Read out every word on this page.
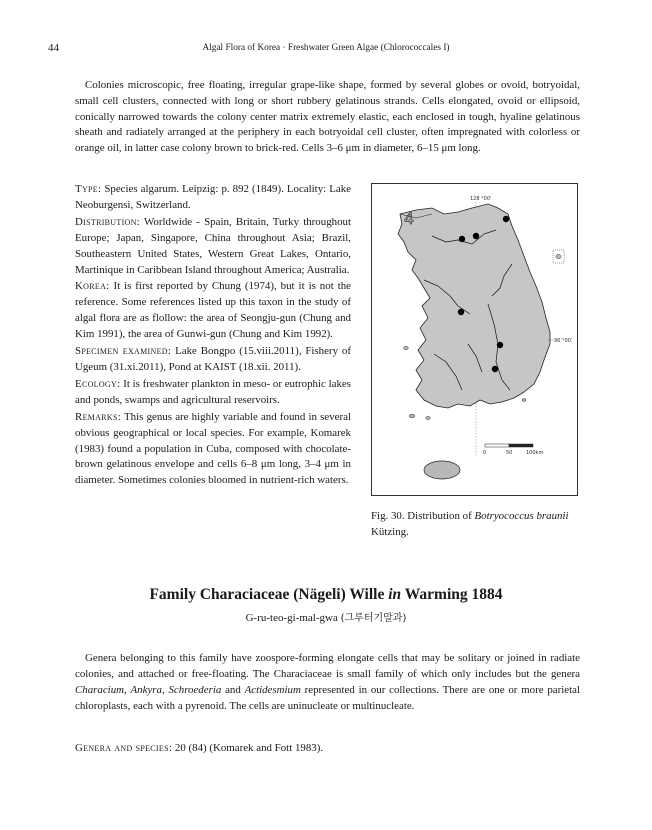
44	Algal Flora of Korea · Freshwater Green Algae (Chlorococcales I)

Colonies microscopic, free floating, irregular grape-like shape, formed by several globes or ovoid, botryoidal, small cell clusters, connected with long or short rubbery gelatinous strands. Cells elongated, ovoid or ellipsoid, conically narrowed towards the colony center matrix extremely elastic, each enclosed in tough, hyaline gelatinous sheath and radiately arranged at the periphery in each botryoidal cell cluster, often impregnated with colorless or orange oil, in latter case colony brown to brick-red. Cells 3–6 μm in diameter, 6–15 μm long.

Type: Species algarum. Leipzig: p. 892 (1849). Locality: Lake Neoburgensi, Switzerland.

Distribution: Worldwide - Spain, Britain, Turky throughout Europe; Japan, Singapore, China throughout Asia; Brazil, Southeastern United States, Western Great Lakes, Ontario, Martinique in Caribbean Island throughout America; Australia.

Korea: It is first reported by Chung (1974), but it is not the reference. Some references listed up this taxon in the study of algal flora are as flollow: the area of Seongju-gun (Chung and Kim 1991), the area of Gunwi-gun (Chung and Kim 1992).

Specimen examined: Lake Bongpo (15.viii.2011), Fishery of Ugeum (31.xi.2011), Pond at KAIST (18.xii. 2011).

Ecology: It is freshwater plankton in meso- or eutrophic lakes and ponds, swamps and agricultural reservoirs.

Remarks: This genus are highly variable and found in several obvious geographical or local species. For example, Komarek (1983) found a population in Cuba, composed with chocolate-brown gelatinous envelope and cells 6–8 μm long, 3–4 μm in diameter. Sometimes colonies bloomed in nutrient-rich waters.

128 °00'
36 °00'
4
0	50	100km

Fig. 30. Distribution of Botryococcus braunii Kützing.

Family Characiaceae (Nägeli) Wille in Warming 1884
G-ru-teo-gi-mal-gwa (그루터기말과)

Genera belonging to this family have zoospore-forming elongate cells that may be solitary or joined in radiate colonies, and attached or free-floating. The Characiaceae is small family of which only includes but the genera Characium, Ankyra, Schroederia and Actidesmium represented in our collections. There are one or more parietal chloroplasts, each with a pyrenoid. The cells are uninucleate or multinucleate.

Genera and species: 20 (84) (Komarek and Fott 1983).
